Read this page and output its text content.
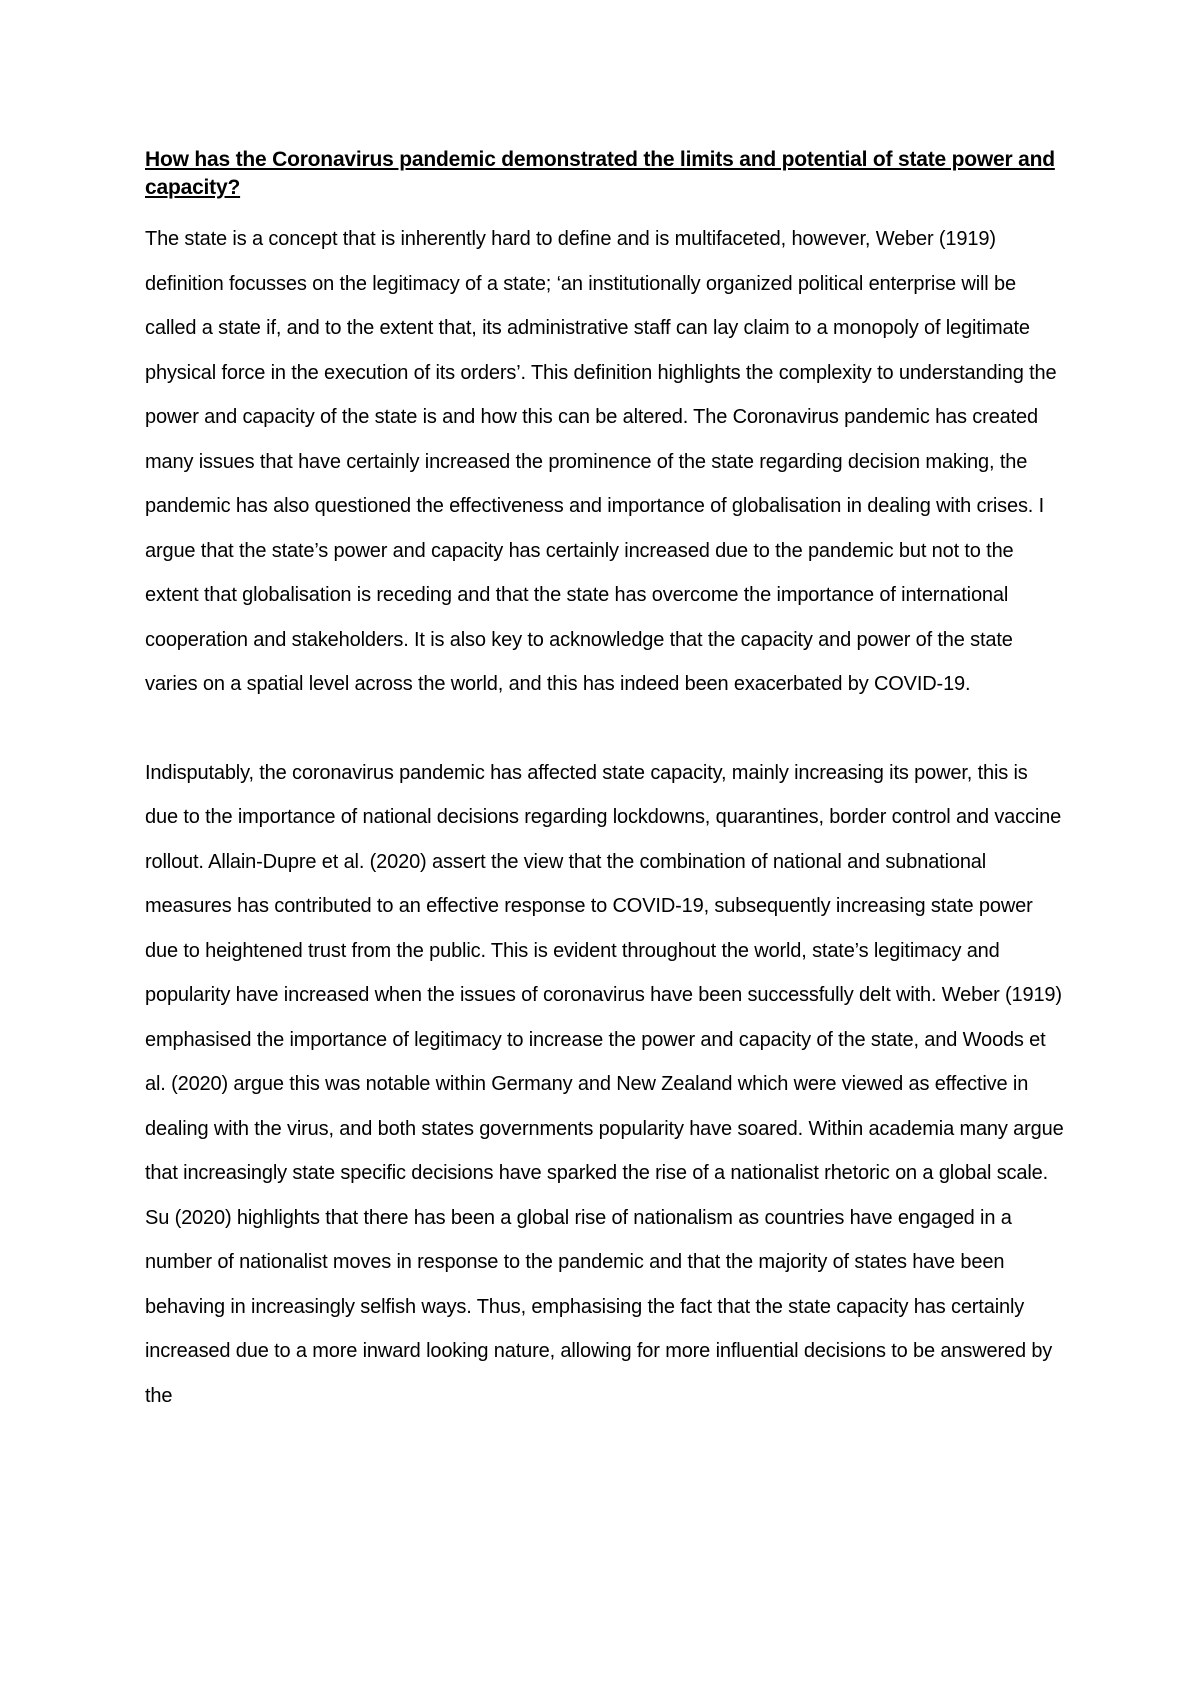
How has the Coronavirus pandemic demonstrated the limits and potential of state power and capacity?

The state is a concept that is inherently hard to define and is multifaceted, however, Weber (1919) definition focusses on the legitimacy of a state; ‘an institutionally organized political enterprise will be called a state if, and to the extent that, its administrative staff can lay claim to a monopoly of legitimate physical force in the execution of its orders’. This definition highlights the complexity to understanding the power and capacity of the state is and how this can be altered. The Coronavirus pandemic has created many issues that have certainly increased the prominence of the state regarding decision making, the pandemic has also questioned the effectiveness and importance of globalisation in dealing with crises. I argue that the state’s power and capacity has certainly increased due to the pandemic but not to the extent that globalisation is receding and that the state has overcome the importance of international cooperation and stakeholders. It is also key to acknowledge that the capacity and power of the state varies on a spatial level across the world, and this has indeed been exacerbated by COVID-19.

Indisputably, the coronavirus pandemic has affected state capacity, mainly increasing its power, this is due to the importance of national decisions regarding lockdowns, quarantines, border control and vaccine rollout. Allain-Dupre et al. (2020) assert the view that the combination of national and subnational measures has contributed to an effective response to COVID-19, subsequently increasing state power due to heightened trust from the public. This is evident throughout the world, state’s legitimacy and popularity have increased when the issues of coronavirus have been successfully delt with. Weber (1919) emphasised the importance of legitimacy to increase the power and capacity of the state, and Woods et al. (2020) argue this was notable within Germany and New Zealand which were viewed as effective in dealing with the virus, and both states governments popularity have soared. Within academia many argue that increasingly state specific decisions have sparked the rise of a nationalist rhetoric on a global scale. Su (2020) highlights that there has been a global rise of nationalism as countries have engaged in a number of nationalist moves in response to the pandemic and that the majority of states have been behaving in increasingly selfish ways. Thus, emphasising the fact that the state capacity has certainly increased due to a more inward looking nature, allowing for more influential decisions to be answered by the
